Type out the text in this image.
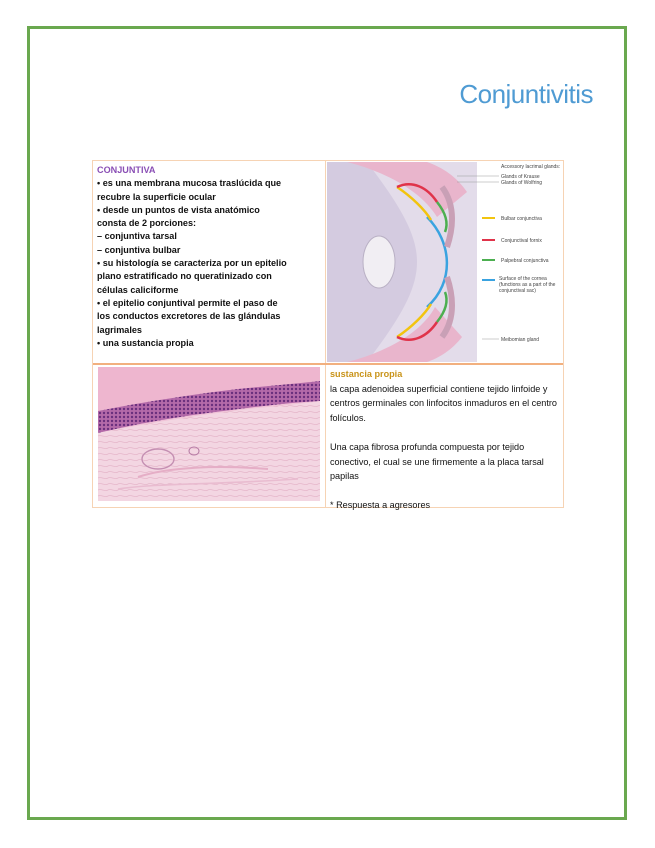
Conjuntivitis
CONJUNTIVA
• es una membrana mucosa traslúcida que
recubre la superficie ocular
• desde un puntos de vista anatómico
consta de 2 porciones:
– conjuntiva tarsal
– conjuntiva bulbar
• su histología se caracteriza por un epitelio
plano estratificado no queratinizado con
células caliciforme
• el epitelio conjuntival permite el paso de
los conductos excretores de las glándulas
lagrimales
• una sustancia propia
Accessory lacrimal glands:
Glands of Krause
Glands of Wolfring
Bulbar conjunctiva
Conjunctival fornix
Palpebral conjunctiva
Surface of the cornea (functions as a part of the conjunctival sac)
Meibomian gland

sustancia propia

la capa adenoidea superficial contiene tejido linfoide y centros germinales con linfocitos inmaduros en el centro folículos.

Una capa fibrosa profunda compuesta por tejido conectivo, el cual se une firmemente a la placa tarsal papilas

* Respuesta a agresores
